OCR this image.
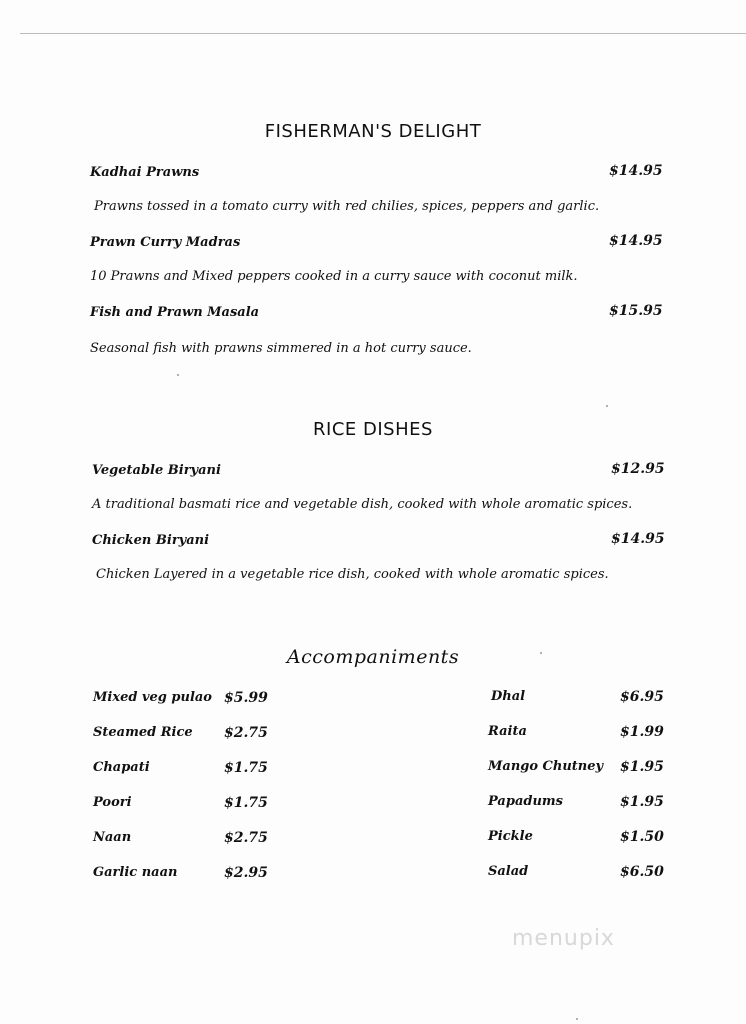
FISHERMAN'S DELIGHT
Kadhai Prawns	$14.95
Prawns tossed in a tomato curry with red chilies, spices, peppers and garlic.
Prawn Curry Madras	$14.95
10 Prawns and Mixed peppers cooked in a curry sauce with coconut milk.
Fish and Prawn Masala	$15.95
Seasonal fish with prawns simmered in a hot curry sauce.
RICE DISHES
Vegetable Biryani	$12.95
A traditional basmati rice and vegetable dish, cooked with whole aromatic spices.
Chicken Biryani	$14.95
Chicken Layered in a vegetable rice dish, cooked with whole aromatic spices.
Accompaniments
Mixed veg pulao $5.99
Steamed Rice $2.75
Chapati	$1.75
Poori	$1.75
Naan	$2.75
Garlic naan	$2.95
Dhal	$6.95
Raita	$1.99
Mango Chutney $1.95
Papadums	$1.95
Pickle	$1.50
Salad	$6.50
menupix
